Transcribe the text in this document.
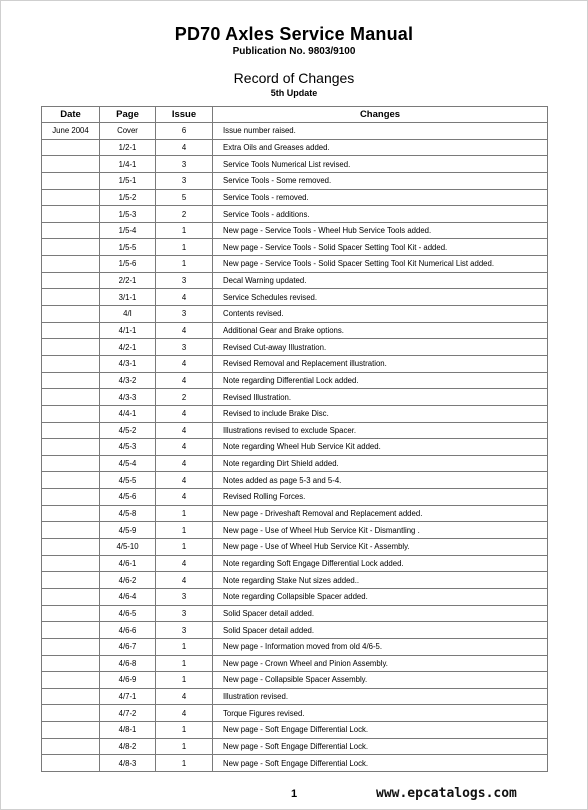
PD70 Axles Service Manual
Publication No. 9803/9100
Record of Changes
5th Update
Date	Page	Issue	Changes
June 2004	Cover	6	Issue number raised.
	1/2-1	4	Extra Oils and Greases added.
	1/4-1	3	Service Tools Numerical List revised.
	1/5-1	3	Service Tools - Some removed.
	1/5-2	5	Service Tools - removed.
	1/5-3	2	Service Tools - additions.
	1/5-4	1	New page - Service Tools - Wheel Hub Service Tools added.
	1/5-5	1	New page - Service Tools - Solid Spacer Setting Tool Kit - added.
	1/5-6	1	New page - Service Tools - Solid Spacer Setting Tool Kit Numerical List added.
	2/2-1	3	Decal Warning updated.
	3/1-1	4	Service Schedules revised.
	4/I	3	Contents revised.
	4/1-1	4	Additional Gear and Brake options.
	4/2-1	3	Revised Cut-away Illustration.
	4/3-1	4	Revised Removal and Replacement illustration.
	4/3-2	4	Note regarding Differential Lock added.
	4/3-3	2	Revised Illustration.
	4/4-1	4	Revised to include Brake Disc.
	4/5-2	4	Illustrations revised to exclude Spacer.
	4/5-3	4	Note regarding Wheel Hub Service Kit added.
	4/5-4	4	Note regarding Dirt Shield added.
	4/5-5	4	Notes added as page 5-3 and 5-4.
	4/5-6	4	Revised Rolling Forces.
	4/5-8	1	New page - Driveshaft Removal and Replacement added.
	4/5-9	1	New page - Use of Wheel Hub Service Kit - Dismantling .
	4/5-10	1	New page - Use of Wheel Hub Service Kit - Assembly.
	4/6-1	4	Note regarding Soft Engage Differential Lock added.
	4/6-2	4	Note regarding Stake Nut sizes added..
	4/6-4	3	Note regarding Collapsible Spacer added.
	4/6-5	3	Solid Spacer detail added.
	4/6-6	3	Solid Spacer detail added.
	4/6-7	1	New page - Information moved from old 4/6-5.
	4/6-8	1	New page - Crown Wheel and Pinion Assembly.
	4/6-9	1	New page - Collapsible Spacer Assembly.
	4/7-1	4	Illustration revised.
	4/7-2	4	Torque Figures revised.
	4/8-1	1	New page - Soft Engage Differential Lock.
	4/8-2	1	New page - Soft Engage Differential Lock.
	4/8-3	1	New page - Soft Engage Differential Lock.
1	www.epcatalogs.com
